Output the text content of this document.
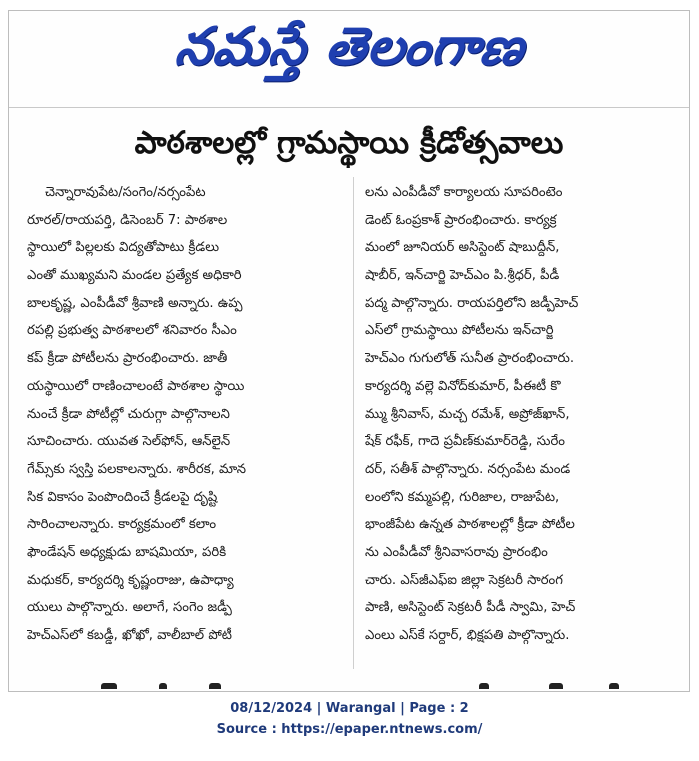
నమస్తే తెలంగాణ
పాఠశాలల్లో గ్రామస్థాయి క్రీడోత్సవాలు
చెన్నారావుపేట/సంగెం/నర్సంపేట
రూరల్/రాయపర్తి, డిసెంబర్ 7: పాఠశాల
స్థాయిలో పిల్లలకు విద్యతోపాటు క్రీడలు
ఎంతో ముఖ్యమని మండల ప్రత్యేక అధికారి
బాలకృష్ణ, ఎంపీడీవో శ్రీవాణి అన్నారు. ఉప్ప
రపల్లి ప్రభుత్వ పాఠశాలలో శనివారం సీఎం
కప్ క్రీడా పోటీలను ప్రారంభించారు. జాతీ
యస్థాయిలో రాణించాలంటే పాఠశాల స్థాయి
నుంచే క్రీడా పోటీల్లో చురుగ్గా పాల్గొనాలని
సూచించారు. యువత సెల్‌ఫోన్, ఆన్‌లైన్
గేమ్స్‌కు స్వస్తి పలకాలన్నారు. శారీరక, మాన
సిక వికాసం పెంపొందించే క్రీడలపై దృష్టి
సారించాలన్నారు. కార్యక్రమంలో కలాం
ఫౌండేషన్ అధ్యక్షుడు బాషమియా, పరికి
మధుకర్, కార్యదర్శి కృష్ణంరాజు, ఉపాధ్యా
యులు పాల్గొన్నారు. అలాగే, సంగెం జడ్పీ
హెచ్‌ఎస్‌లో కబడ్డీ, ఖోఖో, వాలీబాల్ పోటీ
లను ఎంపీడీవో కార్యాలయ సూపరింటెం
డెంట్ ఓంప్రకాశ్ ప్రారంభించారు. కార్యక్ర
మంలో జూనియర్ అసిస్టెంట్ షాబుద్దీన్,
షాబీర్, ఇన్‌చార్జి హెచ్‌ఎం పి.శ్రీధర్, పీడీ
పద్మ పాల్గొన్నారు. రాయపర్తిలోని జడ్పీహెచ్
ఎస్‌లో గ్రామస్థాయి పోటీలను ఇన్‌చార్జి
హెచ్‌ఎం గుగులోత్ సునీత ప్రారంభించారు.
కార్యదర్శి వల్లె వినోద్‌కుమార్, పీఈటీ కొ
మ్ము శ్రీనివాస్, మచ్చ రమేశ్, అప్రోజ్‌ఖాన్,
షేక్ రఫీక్, గాదె ప్రవీణ్‌కుమార్‌రెడ్డి, సురేం
దర్, సతీశ్ పాల్గొన్నారు. నర్సంపేట మండ
లంలోని కమ్మపల్లి, గురిజాల, రాజుపేట,
భాంజీపేట ఉన్నత పాఠశాలల్లో క్రీడా పోటీల
ను ఎంపీడీవో శ్రీనివాసరావు ప్రారంభిం
చారు. ఎస్‌జీఎఫ్‌ఐ జిల్లా సెక్రటరీ సారంగ
పాణి, అసిస్టెంట్ సెక్రటరీ పీడీ స్వామి, హెచ్
ఎంలు ఎస్‌కే సర్దార్, భిక్షపతి పాల్గొన్నారు.
08/12/2024 | Warangal | Page : 2
Source : https://epaper.ntnews.com/
